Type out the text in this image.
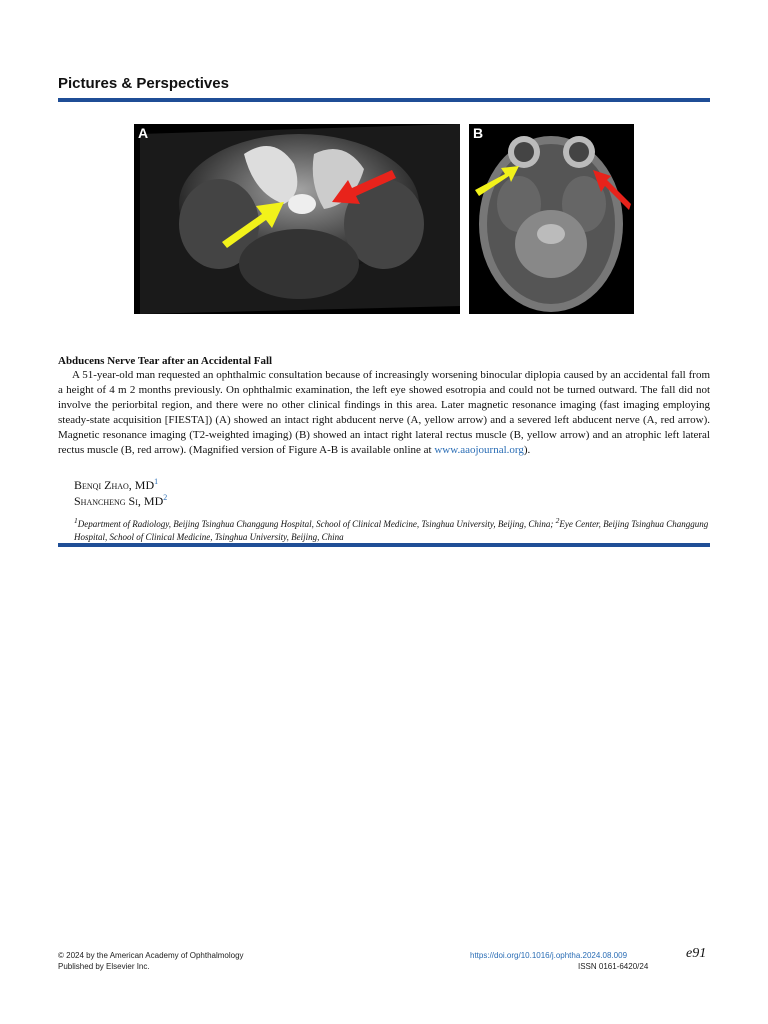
Pictures & Perspectives
A	B
Abducens Nerve Tear after an Accidental Fall

A 51-year-old man requested an ophthalmic consultation because of increasingly worsening binocular diplopia caused by an accidental fall from a height of 4 m 2 months previously. On ophthalmic examination, the left eye showed esotropia and could not be turned outward. The fall did not involve the periorbital region, and there were no other clinical findings in this area. Later magnetic resonance imaging (fast imaging employing steady-state acquisition [FIESTA]) (A) showed an intact right abducent nerve (A, yellow arrow) and a severed left abducent nerve (A, red arrow). Magnetic resonance imaging (T2-weighted imaging) (B) showed an intact right lateral rectus muscle (B, yellow arrow) and an atrophic left lateral rectus muscle (B, red arrow). (Magnified version of Figure A-B is available online at www.aaojournal.org).

Benqi Zhao, $MD^1$
Shancheng Si, $MD^2$
$^1$Department of Radiology, Beijing Tsinghua Changgung Hospital, School of Clinical Medicine, Tsinghua University, Beijing, China; $^2$Eye Center, Beijing Tsinghua Changgung Hospital, School of Clinical Medicine, Tsinghua University, Beijing, China
© 2024 by the American Academy of Ophthalmology
Published by Elsevier Inc.
https://doi.org/10.1016/j.ophtha.2024.08.009
ISSN 0161-6420/24
e91
